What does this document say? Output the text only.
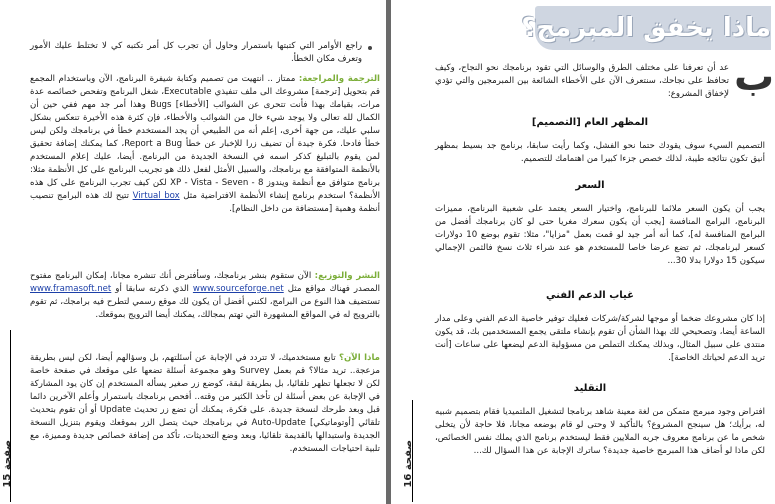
صفحة 15
راجع الأوامر التي كتبتها باستمرار وحاول أن تجرب كل أمر تكتبه كي لا تختلط عليك الأمور وتعرف مكان الخطأ.

الترجمة والمراجعة: ممتاز .. انتهيت من تصميم وكتابة شيفرة البرنامج، الآن وباستخدام المجمع قم بتحويل [ترجمة] مشروعك الى ملف تنفيذي Executable، شغل البرنامج وتفحص خصائصه عدة مرات، بقيامك بهذا فأنت تتحرى عن الشوائب [الأخطاء] Bugs وهذا أمر جد مهم ففي حين أن الكمال لله تعالى ولا يوجد شيء خال من الشوائب والأخطاء، فإن كثرة هذه الأخيرة تنعكس بشكل سلبي عليك، من جهة أخرى، إعلم أنه من الطبيعي أن يجد المستخدم خطأ في برنامجك ولكن ليس خطأ فادحا. فكرة جيدة أن تضيف زرا للإخبار عن خطأ Report a Bug، كما يمكنك إضافة تحقيق لمن يقوم بالتبليغ كذكر اسمه في النسخة الجديدة من البرنامج. أيضا، عليك إعلام المستخدم بالأنظمة المتوافقة مع برنامجك، والسبيل الأمثل لفعل ذلك هو تجريب البرنامج على كل الأنظمة مثلا: برنامج متوافق مع أنظمة ويندوز XP - Vista - Seven - 8 لكن كيف تجرب البرنامج على كل هذه الأنظمة؟ استخدم برنامج إنشاء الأنظمة الافتراضية مثل Virtual box تتيح لك هذه البرامج تنصيب أنظمة وهمية [مستضافة من داخل النظام].

النشر والتوزيع: الآن ستقوم بنشر برنامجك، وسأفترض أنك تنشره مجانا، إمكان البرنامج مفتوح المصدر فهناك مواقع مثل www.sourceforge.net الذي ذكرته سابقا أو www.framasoft.net تستضيف هذا النوع من البرامج، لكنني أفضل أن يكون لك موقع رسمي لتطرح فيه برامجك، ثم تقوم بالترويج له في المواقع المشهورة التي تهتم بمجالك، يمكنك أيضا الترويج بموقعك.

ماذا الآن؟ تابع مستخدميك، لا تتردد في الإجابة عن أسئلتهم، بل وسؤالهم أيضا، لكن ليس بطريقة مزعجة.. تريد مثالا؟ قم بعمل Survey وهو مجموعة أسئلة تضعها على موقعك في صفحة خاصة لكن لا تجعلها تظهر تلقائيا، بل بطريقة لبقة، كوضع زر صغير يسأله المستخدم إن كان يود المشاركة في الإجابة عن بعض أسئلة لن تأخذ الكثير من وقته.. أفحص برنامجك باستمرار وأعلم الآخرين دائما قبل وبعد طرحك لنسخة جديدة. على فكرة، يمكنك أن تضع زر تحديث Update أو أن تقوم بتحديث تلقائي [أوتوماتيكي] Auto-Update في برنامجك حيث يتصل الزر بموقعك ويقوم بتنزيل النسخة الجديدة واستبدالها بالقديمة تلقائيا، وبعد وضع التحديثات، تأكد من إضافة خصائص جديدة ومميزة، مع تلبية احتياجات المستخدم.

صفحة 16
ماذا يخفق المبرمج؟
ب
عد أن تعرفنا على مختلف الطرق والوسائل التي تقود برنامجك نحو النجاح، وكيف تحافظ على نجاحك، سنتعرف الآن على الأخطاء الشائعة بين المبرمجين والتي تؤدي لإخفاق المشروع:
المظهر العام [التصميم]
التصميم السيء سوف يقودك حتما نحو الفشل، وكما رأيت سابقا، برنامج جد بسيط بمظهر أنيق تكون نتائجه طيبة، لذلك خصص جزءا كبيرا من اهتمامك للتصميم.
السعر
يجب أن يكون السعر ملائما للبرنامج، واختيار السعر يعتمد على شعبية البرنامج، مميزات البرنامج، البرامج المنافسة [يجب أن يكون سعرك مغريا حتى لو كان برنامجك أفضل من البرامج المنافسة له]، كما أنه أمر جيد لو قمت بعمل "مزايا"، مثلا: تقوم بوضع 10 دولارات كسعر لبرنامجك، ثم تضع عرضا خاصا للمستخدم هو عند شراء ثلاث نسخ فالثمن الإجمالي سيكون 15 دولارا بدلا 30...
غياب الدعم الفني
إذا كان مشروعك ضخما أو موجها لشركة/شركات فعليك توفير خاصية الدعم الفني وعلى مدار الساعة أيضا، وتصحيحي لك بهذا الشأن أن تقوم بإنشاء ملتقى يجمع المستخدمين بك، قد يكون منتدى على سبيل المثال، وبذلك يمكنك التملص من مسؤولية الدعم ليضعها على ساعات [أنت تريد الدعم لحياتك الخاصة].
التقليد
افتراض وجود مبرمج متمكن من لغة معينة شاهد برنامجا لتشغيل الملتميديا فقام بتصميم شبيه له، برأيك؛ هل سينجح المشروع؟ بالتأكيد لا وحتى لو قام بوضعه مجانا، فلا حاجة لأن يتخلى شخص ما عن برنامج معروف جربه الملايين فقط ليستخدم برنامج الذي يملك نفس الخصائص، لكن ماذا لو أضاف هذا المبرمج خاصية جديدة؟ ساترك الإجابة عن هذا السؤال لك...
